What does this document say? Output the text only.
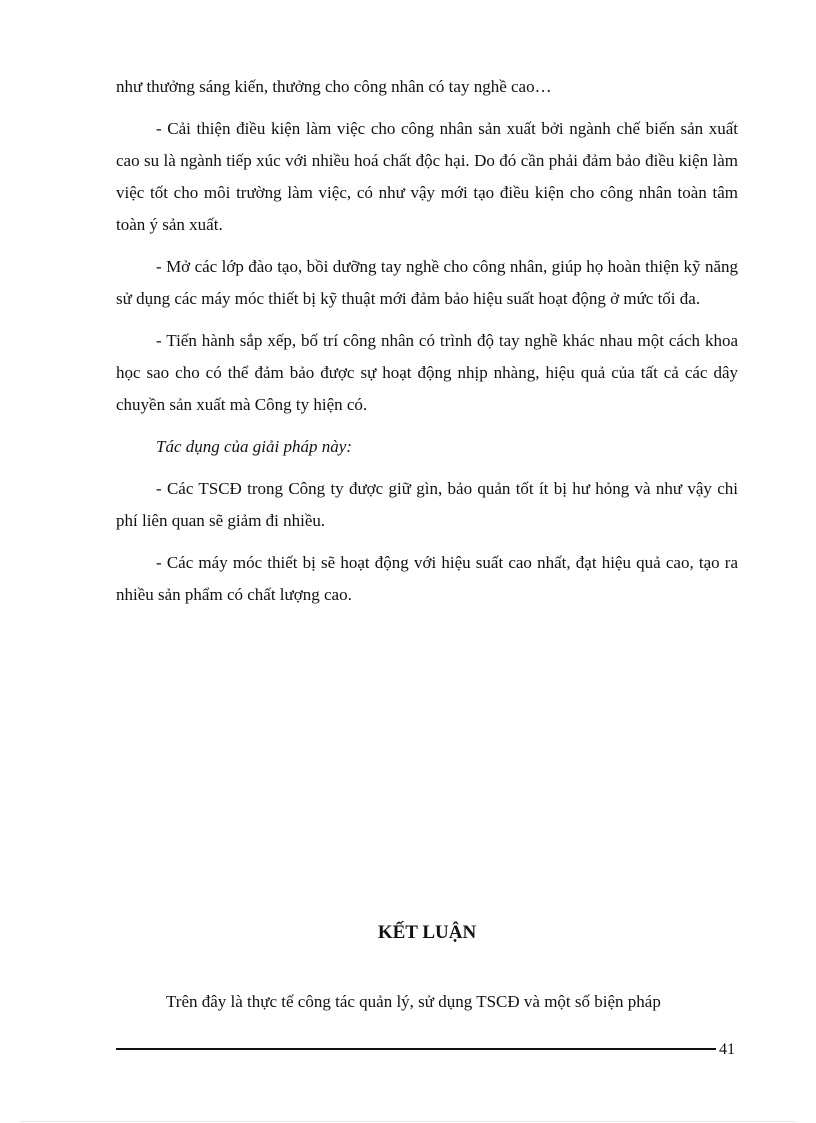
như thưởng sáng kiến, thưởng cho công nhân có tay nghề cao…

- Cải thiện điều kiện làm việc cho công nhân sản xuất bởi ngành chế biến sản xuất cao su là ngành tiếp xúc với nhiều hoá chất độc hại. Do đó cần phải đảm bảo điều kiện làm việc tốt cho môi trường làm việc, có như vậy mới tạo điều kiện cho công nhân toàn tâm toàn ý sản xuất.

- Mở các lớp đào tạo, bồi dưỡng tay nghề cho công nhân, giúp họ hoàn thiện kỹ năng sử dụng các máy móc thiết bị kỹ thuật mới đảm bảo hiệu suất hoạt động ở mức tối đa.

- Tiến hành sắp xếp, bố trí công nhân có trình độ tay nghề khác nhau một cách khoa học sao cho có thể đảm bảo được sự hoạt động nhịp nhàng, hiệu quả của tất cả các dây chuyền sản xuất mà Công ty hiện có.

Tác dụng của giải pháp này:

- Các TSCĐ trong Công ty được giữ gìn, bảo quản tốt ít bị hư hỏng và như vậy chi phí liên quan sẽ giảm đi nhiều.

- Các máy móc thiết bị sẽ hoạt động với hiệu suất cao nhất, đạt hiệu quả cao, tạo ra nhiều sản phẩm có chất lượng cao.

KẾT LUẬN

Trên đây là thực tế công tác quản lý, sử dụng TSCĐ và một số biện pháp

41
